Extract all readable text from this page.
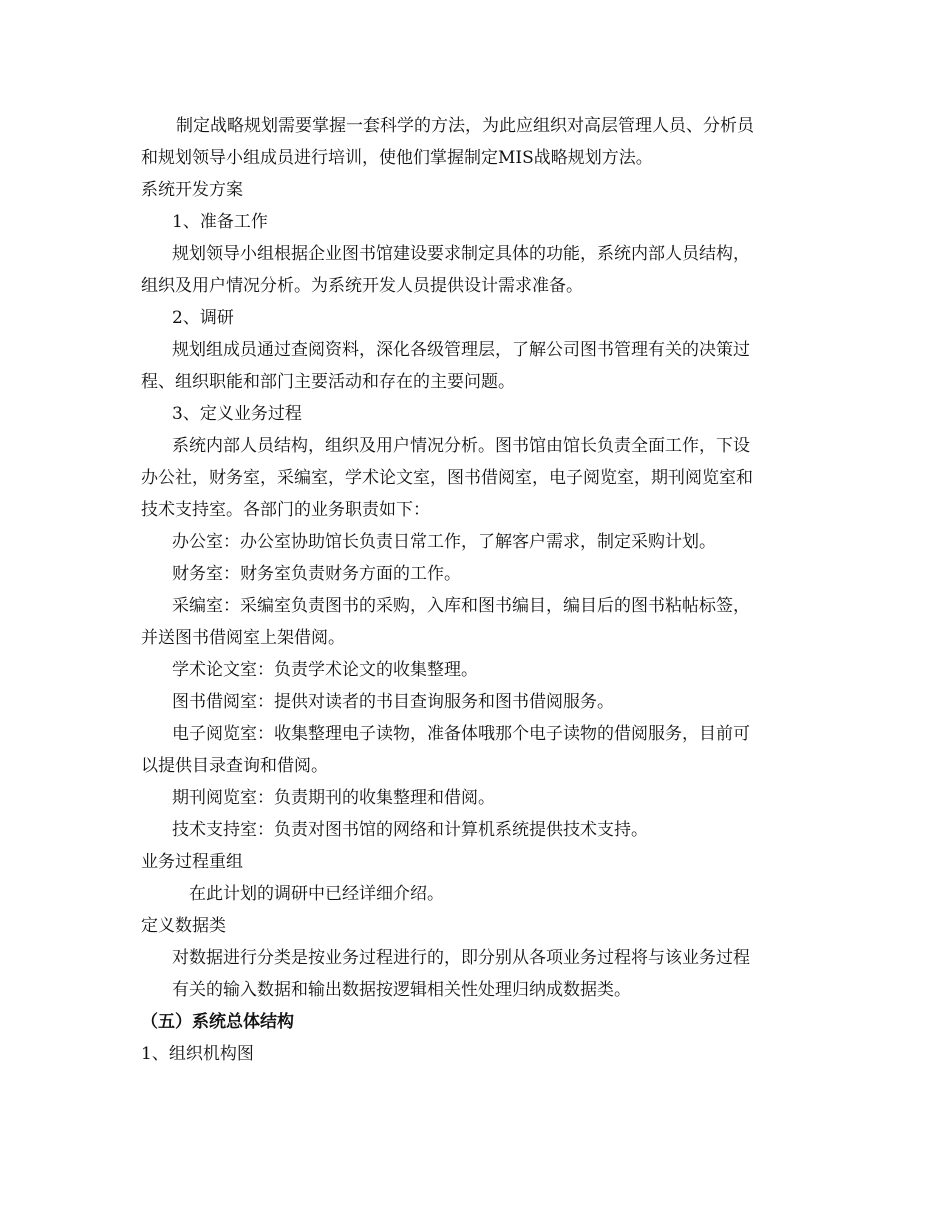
制定战略规划需要掌握一套科学的方法，为此应组织对高层管理人员、分析员
和规划领导小组成员进行培训，使他们掌握制定MIS战略规划方法。
系统开发方案
1、准备工作
规划领导小组根据企业图书馆建设要求制定具体的功能，系统内部人员结构，
组织及用户情况分析。为系统开发人员提供设计需求准备。
2、调研
规划组成员通过查阅资料，深化各级管理层，了解公司图书管理有关的决策过
程、组织职能和部门主要活动和存在的主要问题。
3、定义业务过程
系统内部人员结构，组织及用户情况分析。图书馆由馆长负责全面工作，下设
办公社，财务室，采编室，学术论文室，图书借阅室，电子阅览室，期刊阅览室和
技术支持室。各部门的业务职责如下：
办公室：办公室协助馆长负责日常工作，了解客户需求，制定采购计划。
财务室：财务室负责财务方面的工作。
采编室：采编室负责图书的采购，入库和图书编目，编目后的图书粘帖标签，
并送图书借阅室上架借阅。
学术论文室：负责学术论文的收集整理。
图书借阅室：提供对读者的书目查询服务和图书借阅服务。
电子阅览室：收集整理电子读物，准备体哦那个电子读物的借阅服务，目前可
以提供目录查询和借阅。
期刊阅览室：负责期刊的收集整理和借阅。
技术支持室：负责对图书馆的网络和计算机系统提供技术支持。
业务过程重组
在此计划的调研中已经详细介绍。
定义数据类
对数据进行分类是按业务过程进行的，即分别从各项业务过程将与该业务过程
有关的输入数据和输出数据按逻辑相关性处理归纳成数据类。
（五）系统总体结构
1、组织机构图
